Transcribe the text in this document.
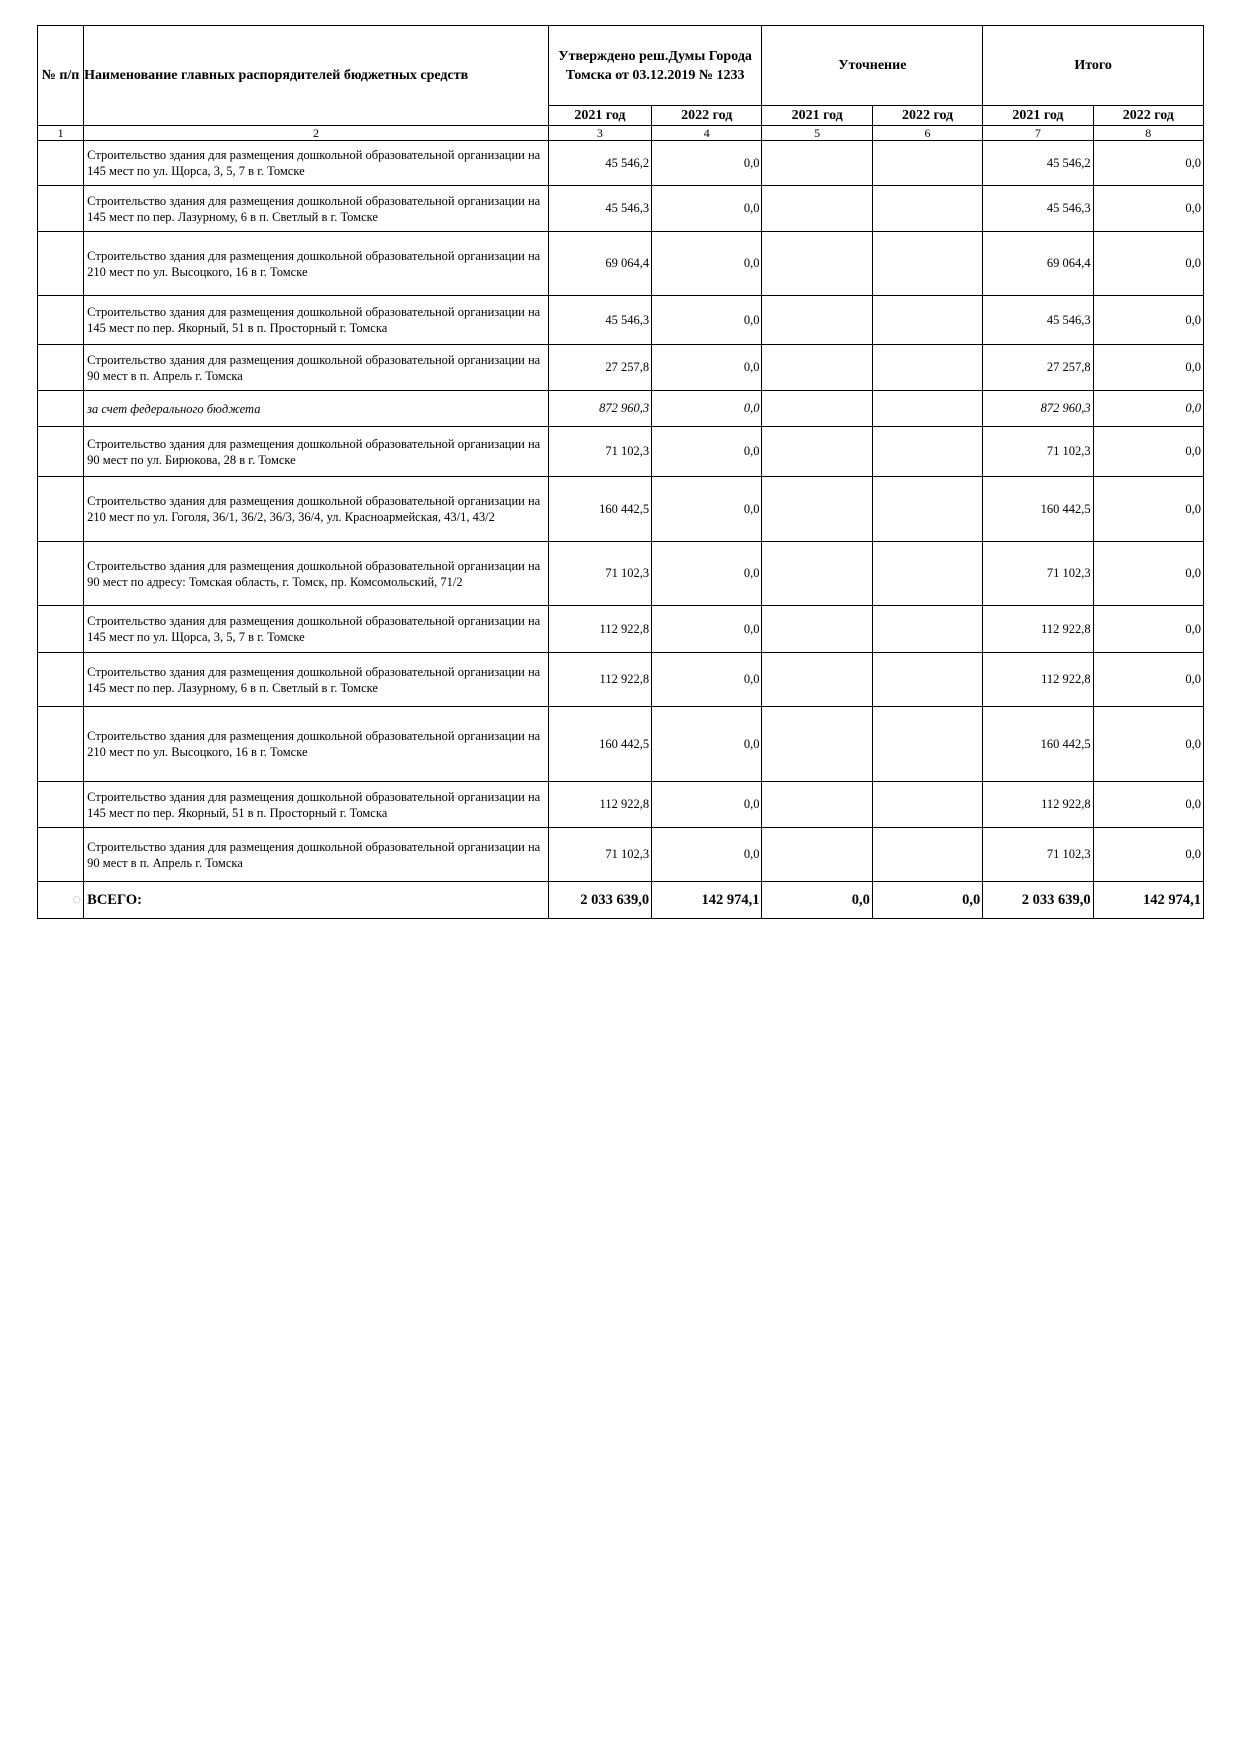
№ п/п	Наименование главных распорядителей бюджетных средств	Утверждено реш.Думы Города Томска от 03.12.2019 № 1233		Уточнение		Итого	
		2021 год	2022 год	2021 год	2022 год	2021 год	2022 год
1	2	3	4	5	6	7	8
	Строительство здания для размещения дошкольной образовательной организации на 145 мест по ул. Щорса, 3, 5, 7 в г. Томске	45 546,2	0,0			45 546,2	0,0
	Строительство здания для размещения дошкольной образовательной организации на 145 мест по пер. Лазурному, 6 в п. Светлый в г. Томске	45 546,3	0,0			45 546,3	0,0
	Строительство здания для размещения дошкольной образовательной организации на 210 мест по ул. Высоцкого, 16 в г. Томске	69 064,4	0,0			69 064,4	0,0
	Строительство здания для размещения дошкольной образовательной организации на 145 мест по пер. Якорный, 51 в п. Просторный г. Томска	45 546,3	0,0			45 546,3	0,0
	Строительство здания для размещения дошкольной образовательной организации на 90 мест в п. Апрель г. Томска	27 257,8	0,0			27 257,8	0,0
	за счет федерального бюджета	872 960,3	0,0			872 960,3	0,0
	Строительство здания для размещения дошкольной образовательной организации на 90 мест по ул. Бирюкова, 28 в г. Томске	71 102,3	0,0			71 102,3	0,0
	Строительство здания для размещения дошкольной образовательной организации на 210 мест по ул. Гоголя, 36/1, 36/2, 36/3, 36/4, ул. Красноармейская, 43/1, 43/2	160 442,5	0,0			160 442,5	0,0
	Строительство здания для размещения дошкольной образовательной организации на 90 мест по адресу: Томская область, г. Томск, пр. Комсомольский, 71/2	71 102,3	0,0			71 102,3	0,0
	Строительство здания для размещения дошкольной образовательной организации на 145 мест по ул. Щорса, 3, 5, 7 в г. Томске	112 922,8	0,0			112 922,8	0,0
	Строительство здания для размещения дошкольной образовательной организации на 145 мест по пер. Лазурному, 6 в п. Светлый в г. Томске	112 922,8	0,0			112 922,8	0,0
	Строительство здания для размещения дошкольной образовательной организации на 210 мест по ул. Высоцкого, 16 в г. Томске	160 442,5	0,0			160 442,5	0,0
	Строительство здания для размещения дошкольной образовательной организации на 145 мест по пер. Якорный, 51 в п. Просторный г. Томска	112 922,8	0,0			112 922,8	0,0
	Строительство здания для размещения дошкольной образовательной организации на 90 мест в п. Апрель г. Томска	71 102,3	0,0			71 102,3	0,0
◌	ВСЕГО:	2 033 639,0	142 974,1	0,0	0,0	2 033 639,0	142 974,1
